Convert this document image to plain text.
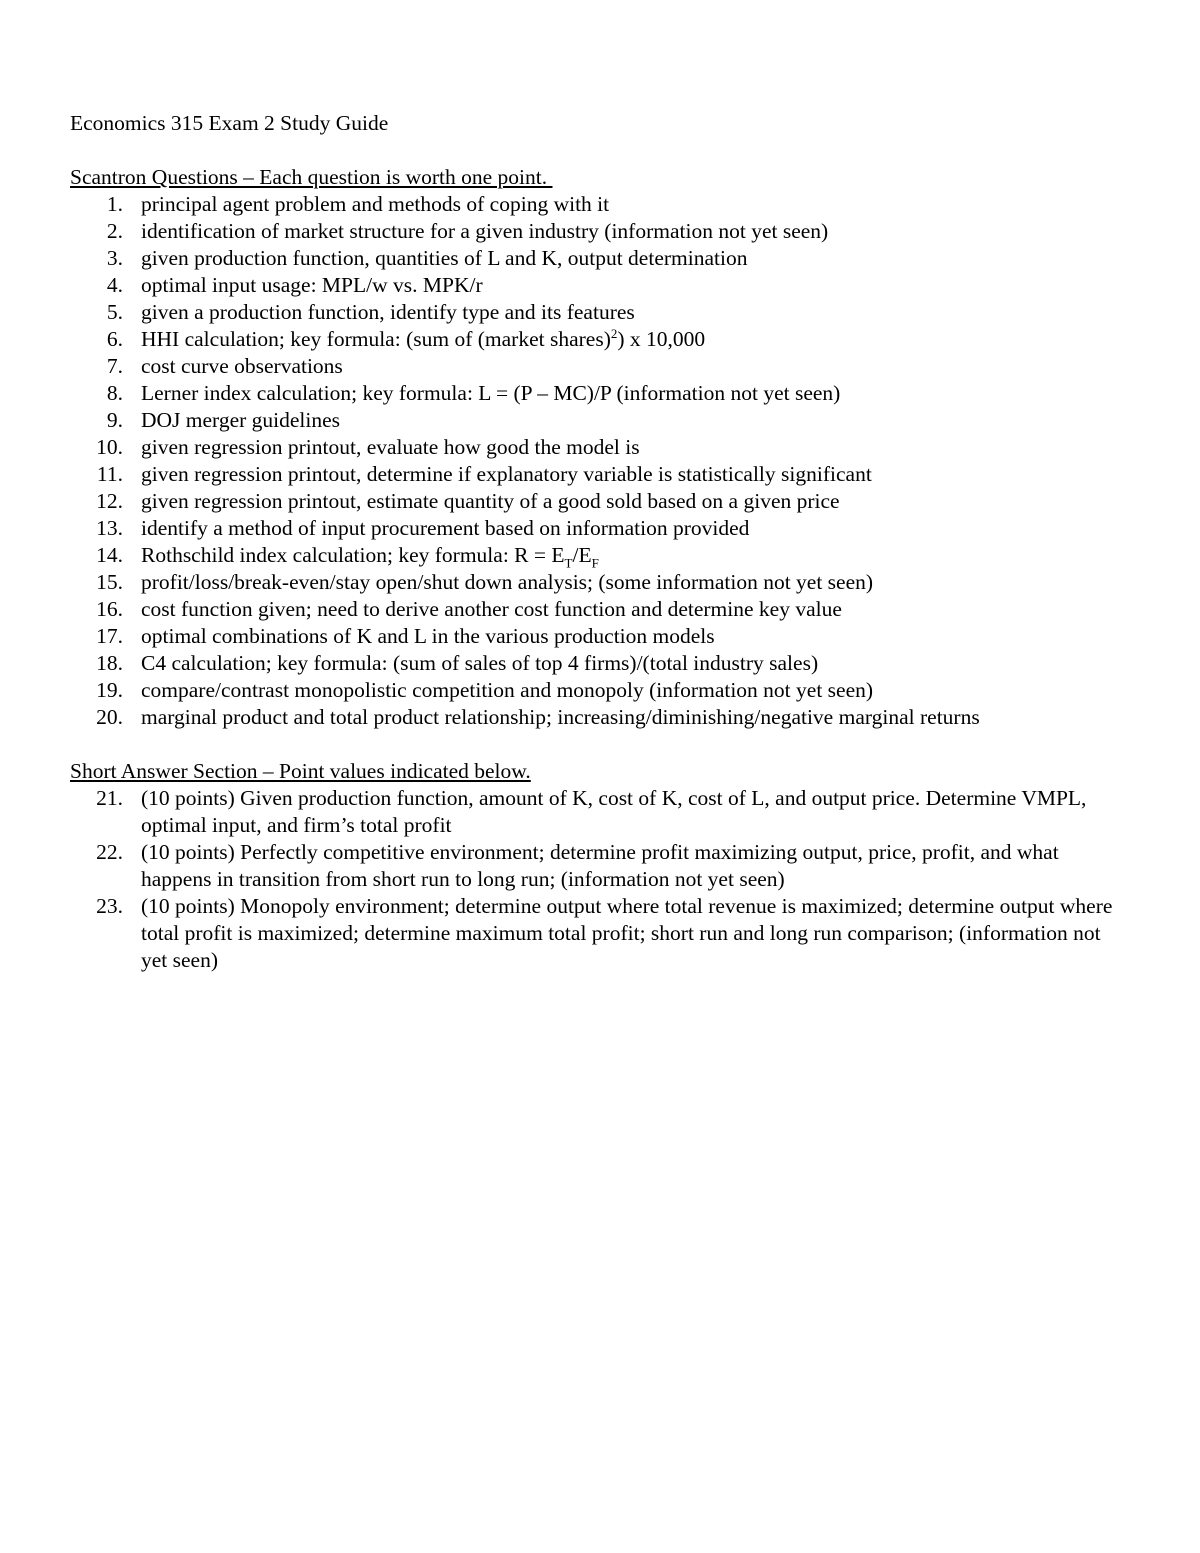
Economics 315 Exam 2 Study Guide

Scantron Questions – Each question is worth one point.

1. principal agent problem and methods of coping with it
2. identification of market structure for a given industry (information not yet seen)
3. given production function, quantities of L and K, output determination
4. optimal input usage: MPL/w vs. MPK/r
5. given a production function, identify type and its features
6. HHI calculation; key formula: (sum of (market shares)$^2$) x 10,000
7. cost curve observations
8. Lerner index calculation; key formula: L = (P – MC)/P (information not yet seen)
9. DOJ merger guidelines
10. given regression printout, evaluate how good the model is
11. given regression printout, determine if explanatory variable is statistically significant
12. given regression printout, estimate quantity of a good sold based on a given price
13. identify a method of input procurement based on information provided
14. Rothschild index calculation; key formula: $R = E_T/E_F$
15. profit/loss/break-even/stay open/shut down analysis; (some information not yet seen)
16. cost function given; need to derive another cost function and determine key value
17. optimal combinations of K and L in the various production models
18. C4 calculation; key formula: (sum of sales of top 4 firms)/(total industry sales)
19. compare/contrast monopolistic competition and monopoly (information not yet seen)
20. marginal product and total product relationship; increasing/diminishing/negative marginal returns

Short Answer Section – Point values indicated below.

21. (10 points) Given production function, amount of K, cost of K, cost of L, and output price. Determine VMPL, optimal input, and firm’s total profit
22. (10 points) Perfectly competitive environment; determine profit maximizing output, price, profit, and what happens in transition from short run to long run; (information not yet seen)
23. (10 points) Monopoly environment; determine output where total revenue is maximized; determine output where total profit is maximized; determine maximum total profit; short run and long run comparison; (information not yet seen)
